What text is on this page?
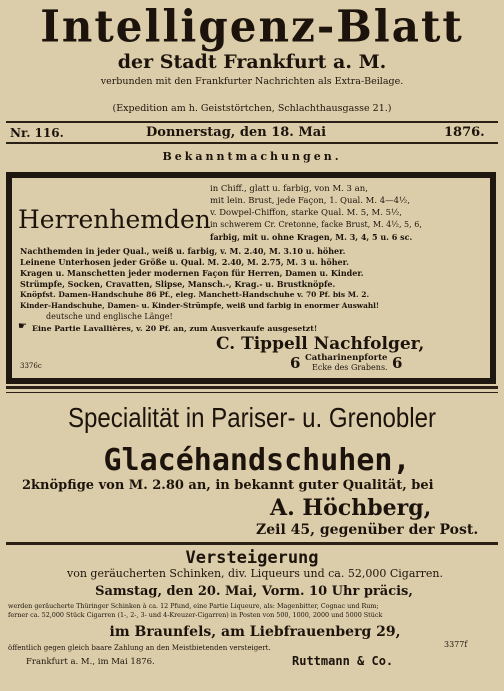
Intelligenz-Blatt
der Stadt Frankfurt a. M.
verbunden mit den Frankfurter Nachrichten als Extra-Beilage.
(Expedition am h. Geiststörtchen, Schlachthausgasse 21.)
Nr. 116.	Donnerstag, den 18. Mai	1876.
Bekanntmachungen.
Herrenhemden
in Chiff., glatt u. farbig, von M. 3 an,
mit lein. Brust, jede Façon, 1. Qual. M. 4—4½,
v. Dowpel-Chiffon, starke Qual. M. 5, M. 5½,
in schwerem Cr. Cretonne, facke Brust, M. 4½, 5, 6,
farbig, mit u. ohne Kragen, M. 3, 4, 5 u. 6 sc.
Nachthemden in jeder Qual., weiß u. farbig, v. M. 2.40, M. 3.10 u. höher.
Leinene Unterhosen jeder Größe u. Qual. M. 2.40, M. 2.75, M. 3 u. höher.
Kragen u. Manschetten jeder modernen Façon für Herren, Damen u. Kinder.
Strümpfe, Socken, Cravatten, Slipse, Mansch.-, Krag.- u. Brustknöpfe.
Knöpfst. Damen-Handschuhe 86 Pf., eleg. Manchett-Handschuhe v. 70 Pf. bis M. 2.
Kinder-Handschuhe, Damen- u. Kinder-Strümpfe, weiß und farbig in enormer Auswahl!
deutsche und englische Länge!
☛ Eine Partie Lavallières, v. 20 Pf. an, zum Ausverkaufe ausgesetzt!
C. Tippell Nachfolger,
6 Catharinenpforte
Ecke des Grabens. 6
3376c
Specialität in Pariser- u. Grenobler
Glacéhandschuhen,
2knöpfige von M. 2.80 an, in bekannt guter Qualität, bei
A. Höchberg,
Zeil 45, gegenüber der Post.
Versteigerung
von geräucherten Schinken, div. Liqueurs und ca. 52,000 Cigarren.
Samstag, den 20. Mai, Vorm. 10 Uhr präcis,
werden geräucherte Thüringer Schinken à ca. 12 Pfund, eine Partie Liqueure, als: Magenbitter, Cognac und Rum;
ferner ca. 52,000 Stück Cigarren (1-, 2-, 3- und 4-Kreuzer-Cigarren) in Posten von 500, 1000, 2000 und 5000 Stück
im Braunfels, am Liebfrauenberg 29,
öffentlich gegen gleich baare Zahlung an den Meistbietenden versteigert.	3377f
Frankfurt a. M., im Mai 1876.	Ruttmann & Co.
